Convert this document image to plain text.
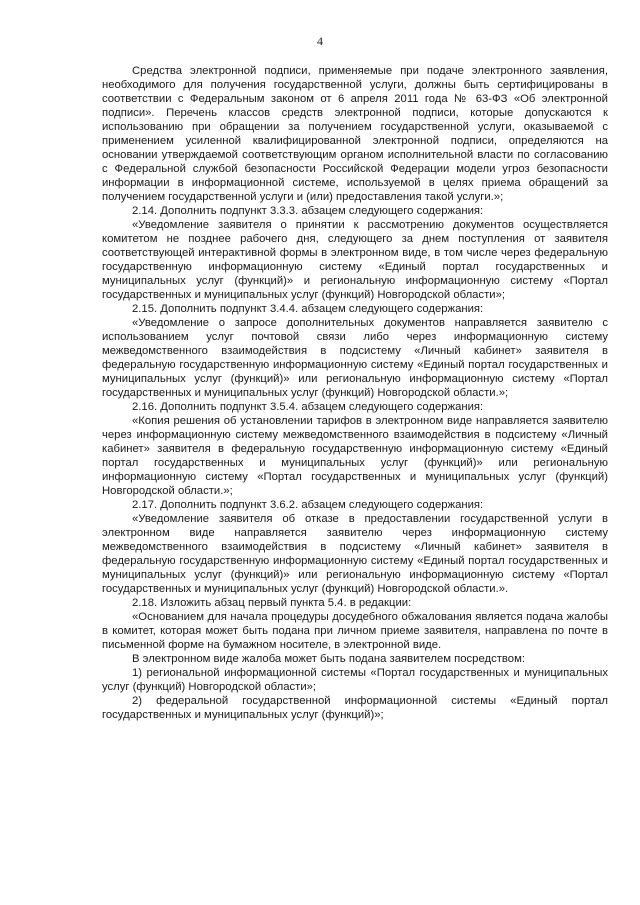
4

Средства электронной подписи, применяемые при подаче электронного заявления, необходимого для получения государственной услуги, должны быть сертифицированы в соответствии с Федеральным законом от 6 апреля 2011 года № 63-ФЗ «Об электронной подписи». Перечень классов средств электронной подписи, которые допускаются к использованию при обращении за получением государственной услуги, оказываемой с применением усиленной квалифицированной электронной подписи, определяются на основании утверждаемой соответствующим органом исполнительной власти по согласованию с Федеральной службой безопасности Российской Федерации модели угроз безопасности информации в информационной системе, используемой в целях приема обращений за получением государственной услуги и (или) предоставления такой услуги.»;

2.14. Дополнить подпункт 3.3.3. абзацем следующего содержания:

«Уведомление заявителя о принятии к рассмотрению документов осуществляется комитетом не позднее рабочего дня, следующего за днем поступления от заявителя соответствующей интерактивной формы в электронном виде, в том числе через федеральную государственную информационную систему «Единый портал государственных и муниципальных услуг (функций)» и региональную информационную систему «Портал государственных и муниципальных услуг (функций) Новгородской области»;

2.15. Дополнить подпункт 3.4.4. абзацем следующего содержания:

«Уведомление о запросе дополнительных документов направляется заявителю с использованием услуг почтовой связи либо через информационную систему межведомственного взаимодействия в подсистему «Личный кабинет» заявителя в федеральную государственную информационную систему «Единый портал государственных и муниципальных услуг (функций)» или региональную информационную систему «Портал государственных и муниципальных услуг (функций) Новгородской области.»;

2.16. Дополнить подпункт 3.5.4. абзацем следующего содержания:

«Копия решения об установлении тарифов в электронном виде направляется заявителю через информационную систему межведомственного взаимодействия в подсистему «Личный кабинет» заявителя в федеральную государственную информационную систему «Единый портал государственных и муниципальных услуг (функций)» или региональную информационную систему «Портал государственных и муниципальных услуг (функций) Новгородской области.»;

2.17. Дополнить подпункт 3.6.2. абзацем следующего содержания:

«Уведомление заявителя об отказе в предоставлении государственной услуги в электронном виде направляется заявителю через информационную систему межведомственного взаимодействия в подсистему «Личный кабинет» заявителя в федеральную государственную информационную систему «Единый портал государственных и муниципальных услуг (функций)» или региональную информационную систему «Портал государственных и муниципальных услуг (функций) Новгородской области.».

2.18. Изложить абзац первый пункта 5.4. в редакции:

«Основанием для начала процедуры досудебного обжалования является подача жалобы в комитет, которая может быть подана при личном приеме заявителя, направлена по почте в письменной форме на бумажном носителе, в электронной виде.

В электронном виде жалоба может быть подана заявителем посредством:

1) региональной информационной системы «Портал государственных и муниципальных услуг (функций) Новгородской области»;

2) федеральной государственной информационной системы «Единый портал государственных и муниципальных услуг (функций)»;
